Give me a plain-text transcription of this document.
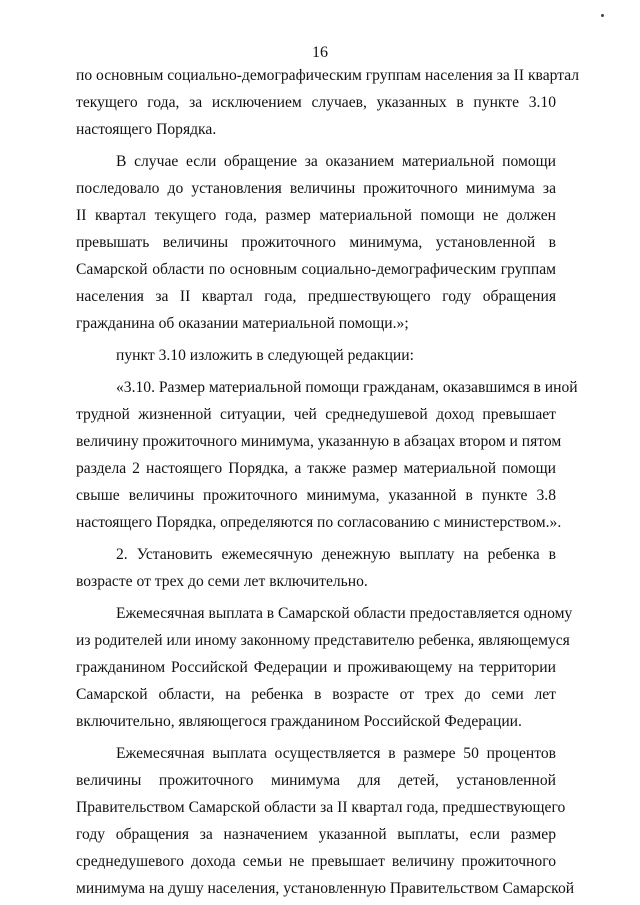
16
по основным социально-демографическим группам населения за II квартал
текущего года, за исключением случаев, указанных в пункте 3.10
настоящего Порядка.
В случае если обращение за оказанием материальной помощи
последовало до установления величины прожиточного минимума за
II квартал текущего года, размер материальной помощи не должен
превышать величины прожиточного минимума, установленной в
Самарской области по основным социально-демографическим группам
населения за II квартал года, предшествующего году обращения
гражданина об оказании материальной помощи.»;
пункт 3.10 изложить в следующей редакции:
«3.10. Размер материальной помощи гражданам, оказавшимся в иной
трудной жизненной ситуации, чей среднедушевой доход превышает
величину прожиточного минимума, указанную в абзацах втором и пятом
раздела 2 настоящего Порядка, а также размер материальной помощи
свыше величины прожиточного минимума, указанной в пункте 3.8
настоящего Порядка, определяются по согласованию с министерством.».
2. Установить ежемесячную денежную выплату на ребенка в
возрасте от трех до семи лет включительно.
Ежемесячная выплата в Самарской области предоставляется одному
из родителей или иному законному представителю ребенка, являющемуся
гражданином Российской Федерации и проживающему на территории
Самарской области, на ребенка в возрасте от трех до семи лет
включительно, являющегося гражданином Российской Федерации.
Ежемесячная выплата осуществляется в размере 50 процентов
величины прожиточного минимума для детей, установленной
Правительством Самарской области за II квартал года, предшествующего
году обращения за назначением указанной выплаты, если размер
среднедушевого дохода семьи не превышает величину прожиточного
минимума на душу населения, установленную Правительством Самарской
